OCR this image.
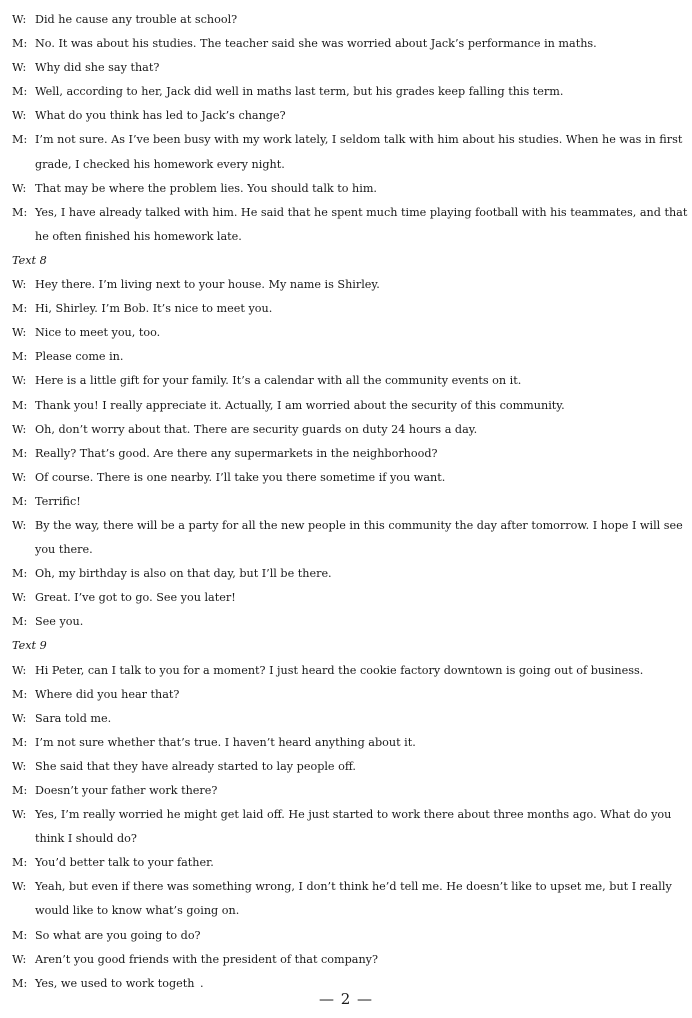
W: Did he cause any trouble at school?
M: No. It was about his studies. The teacher said she was worried about Jack’s performance in maths.
W: Why did she say that?
M: Well, according to her, Jack did well in maths last term, but his grades keep falling this term.
W: What do you think has led to Jack’s change?
M: I’m not sure. As I’ve been busy with my work lately, I seldom talk with him about his studies. When he was in first
grade, I checked his homework every night.
W: That may be where the problem lies. You should talk to him.
M: Yes, I have already talked with him. He said that he spent much time playing football with his teammates, and that
he often finished his homework late.
Text 8
W: Hey there. I’m living next to your house. My name is Shirley.
M: Hi, Shirley. I’m Bob. It’s nice to meet you.
W: Nice to meet you, too.
M: Please come in.
W: Here is a little gift for your family. It’s a calendar with all the community events on it.
M: Thank you! I really appreciate it. Actually, I am worried about the security of this community.
W: Oh, don’t worry about that. There are security guards on duty 24 hours a day.
M: Really? That’s good. Are there any supermarkets in the neighborhood?
W: Of course. There is one nearby. I’ll take you there sometime if you want.
M: Terrific!
W: By the way, there will be a party for all the new people in this community the day after tomorrow. I hope I will see
you there.
M: Oh, my birthday is also on that day, but I’ll be there.
W: Great. I’ve got to go. See you later!
M: See you.
Text 9
W: Hi Peter, can I talk to you for a moment? I just heard the cookie factory downtown is going out of business.
M: Where did you hear that?
W: Sara told me.
M: I’m not sure whether that’s true. I haven’t heard anything about it.
W: She said that they have already started to lay people off.
M: Doesn’t your father work there?
W: Yes, I’m really worried he might get laid off. He just started to work there about three months ago. What do you
think I should do?
M: You’d better talk to your father.
W: Yeah, but even if there was something wrong, I don’t think he’d tell me. He doesn’t like to upset me, but I really
would like to know what’s going on.
M: So what are you going to do?
W: Aren’t you good friends with the president of that company?
M: Yes, we used to work togeth .
— 2 —
